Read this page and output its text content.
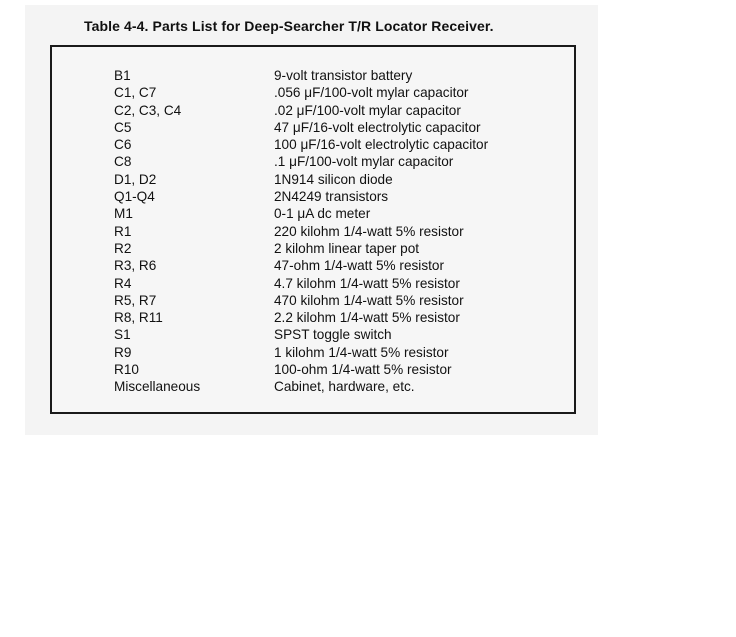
Table 4-4. Parts List for Deep-Searcher T/R Locator Receiver.
B1	9-volt transistor battery
C1, C7	.056 μF/100-volt mylar capacitor
C2, C3, C4	.02 μF/100-volt mylar capacitor
C5	47 μF/16-volt electrolytic capacitor
C6	100 μF/16-volt electrolytic capacitor
C8	.1 μF/100-volt mylar capacitor
D1, D2	1N914 silicon diode
Q1-Q4	2N4249 transistors
M1	0-1 μA dc meter
R1	220 kilohm 1/4-watt 5% resistor
R2	2 kilohm linear taper pot
R3, R6	47-ohm 1/4-watt 5% resistor
R4	4.7 kilohm 1/4-watt 5% resistor
R5, R7	470 kilohm 1/4-watt 5% resistor
R8, R11	2.2 kilohm 1/4-watt 5% resistor
S1	SPST toggle switch
R9	1 kilohm 1/4-watt 5% resistor
R10	100-ohm 1/4-watt 5% resistor
Miscellaneous	Cabinet, hardware, etc.
